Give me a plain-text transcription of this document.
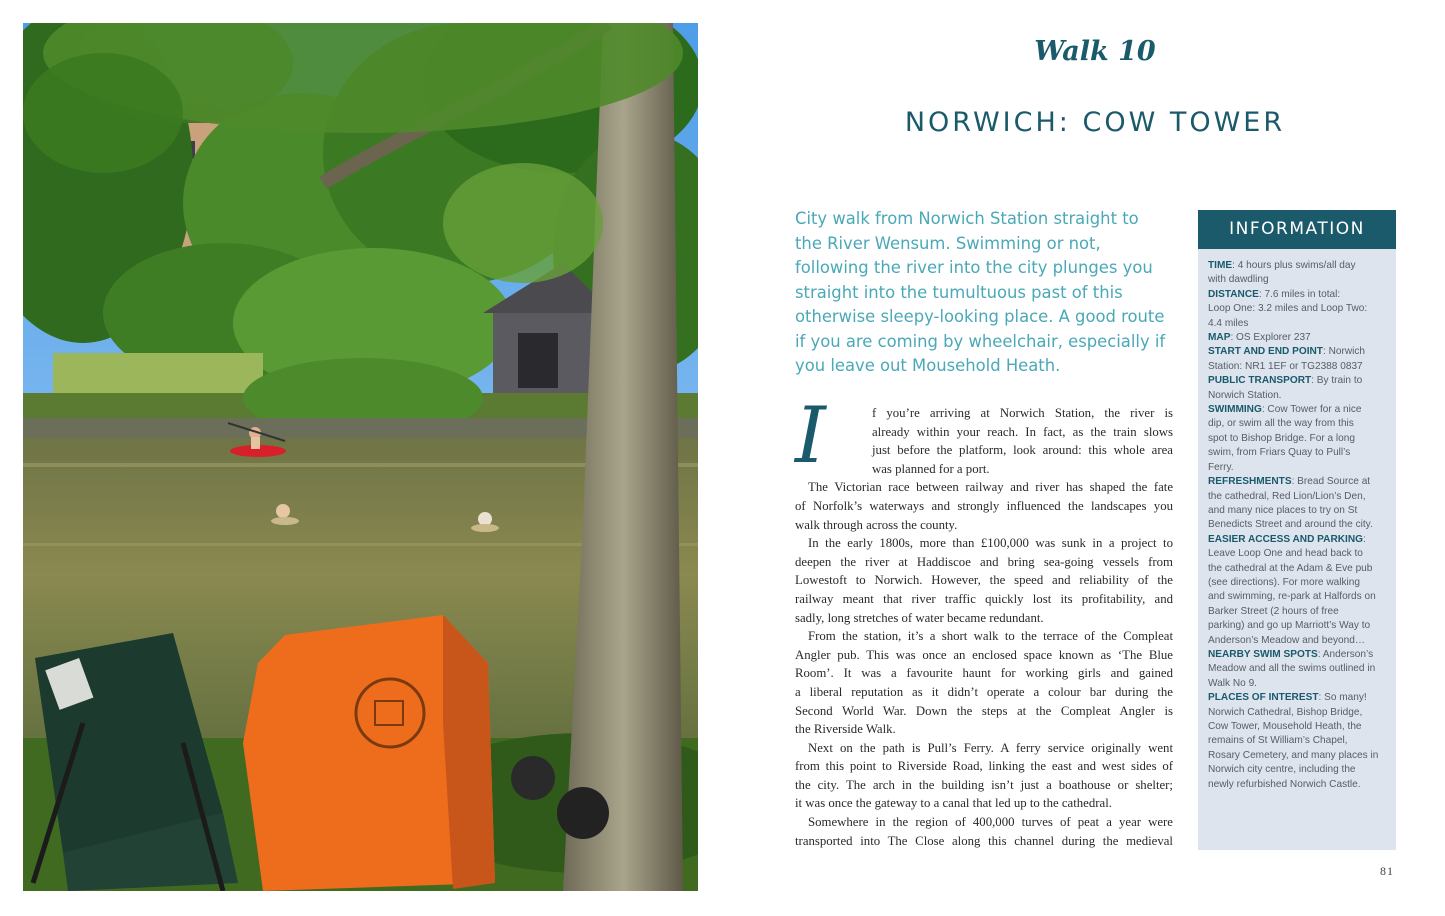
Walk 10
NORWICH: COW TOWER
City walk from Norwich Station straight to
the River Wensum. Swimming or not,
following the river into the city plunges you
straight into the tumultuous past of this
otherwise sleepy-looking place. A good route
if you are coming by wheelchair, especially if
you leave out Mousehold Heath.
I	f you’re arriving at Norwich Station, the river is
already within your reach. In fact, as the train slows
just before the platform, look around: this whole area
was planned for a port.
The Victorian race between railway and river has shaped the fate
of Norfolk’s waterways and strongly influenced the landscapes you
walk through across the county.
In the early 1800s, more than £100,000 was sunk in a project to
deepen the river at Haddiscoe and bring sea-going vessels from
Lowestoft to Norwich. However, the speed and reliability of the
railway meant that river traffic quickly lost its profitability, and
sadly, long stretches of water became redundant.
From the station, it’s a short walk to the terrace of the Compleat
Angler pub. This was once an enclosed space known as ‘The Blue
Room’. It was a favourite haunt for working girls and gained
a liberal reputation as it didn’t operate a colour bar during the
Second World War. Down the steps at the Compleat Angler is
the Riverside Walk.
Next on the path is Pull’s Ferry. A ferry service originally went
from this point to Riverside Road, linking the east and west sides of
the city. The arch in the building isn’t just a boathouse or shelter;
it was once the gateway to a canal that led up to the cathedral.
Somewhere in the region of 400,000 turves of peat a year were
transported into The Close along this channel during the medieval
INFORMATION
TIME: 4 hours plus swims/all day
with dawdling
DISTANCE: 7.6 miles in total:
Loop One: 3.2 miles and Loop Two:
4.4 miles
MAP: OS Explorer 237
START AND END POINT: Norwich
Station: NR1 1EF or TG2388 0837
PUBLIC TRANSPORT: By train to
Norwich Station.
SWIMMING: Cow Tower for a nice
dip, or swim all the way from this
spot to Bishop Bridge. For a long
swim, from Friars Quay to Pull’s
Ferry.
REFRESHMENTS: Bread Source at
the cathedral, Red Lion/Lion’s Den,
and many nice places to try on St
Benedicts Street and around the city.
EASIER ACCESS AND PARKING:
Leave Loop One and head back to
the cathedral at the Adam & Eve pub
(see directions). For more walking
and swimming, re-park at Halfords on
Barker Street (2 hours of free
parking) and go up Marriott’s Way to
Anderson’s Meadow and beyond…
NEARBY SWIM SPOTS: Anderson’s
Meadow and all the swims outlined in
Walk No 9.
PLACES OF INTEREST: So many!
Norwich Cathedral, Bishop Bridge,
Cow Tower, Mousehold Heath, the
remains of St William’s Chapel,
Rosary Cemetery, and many places in
Norwich city centre, including the
newly refurbished Norwich Castle.
81
